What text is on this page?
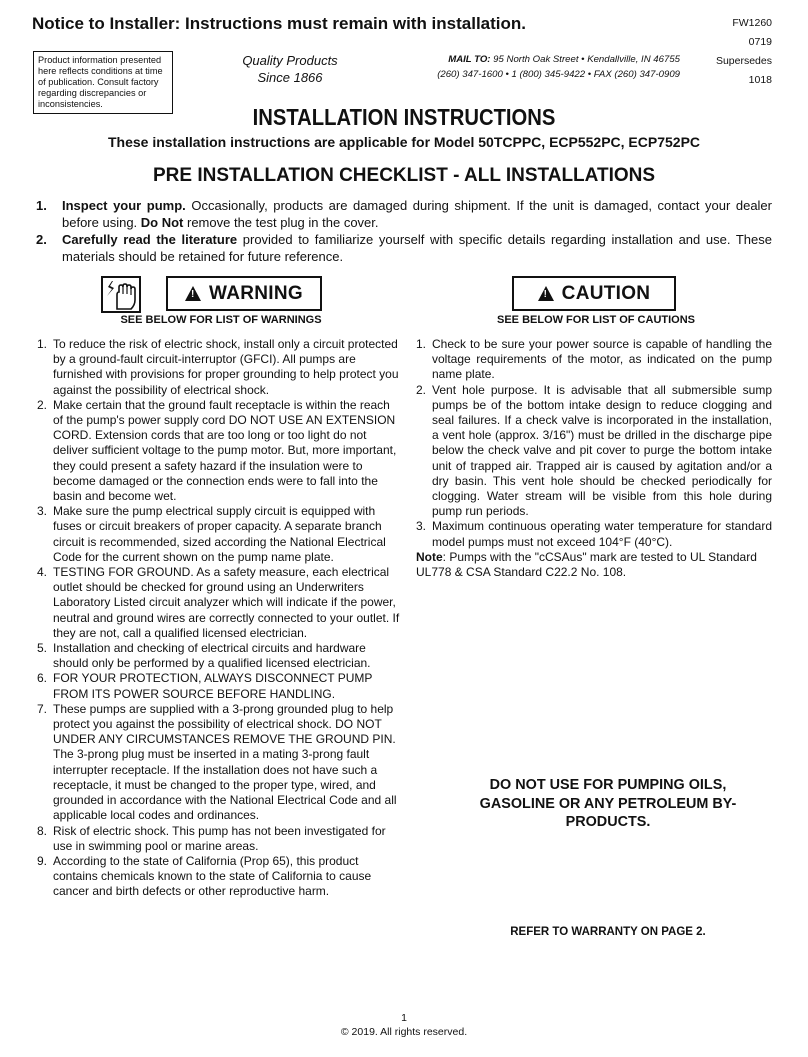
Notice to Installer: Instructions must remain with installation.	FW1260
0719
Supersedes
1018
Product information presented
here reflects conditions at time
of publication. Consult factory
regarding discrepancies or
inconsistencies.
Quality Products
Since 1866
MAIL TO: 95 North Oak Street • Kendallville, IN 46755
(260) 347-1600 • 1 (800) 345-9422 • FAX (260) 347-0909
INSTALLATION INSTRUCTIONS
These installation instructions are applicable for Model 50TCPPC, ECP552PC, ECP752PC
PRE INSTALLATION CHECKLIST - ALL INSTALLATIONS
1. Inspect your pump. Occasionally, products are damaged during shipment. If the unit is damaged, contact your dealer before using. Do Not remove the test plug in the cover.
2. Carefully read the literature provided to familiarize yourself with specific details regarding installation and use. These materials should be retained for future reference.
!
WARNING
!	CAUTION
SEE BELOW FOR LIST OF WARNINGS	SEE BELOW FOR LIST OF CAUTIONS
1. To reduce the risk of electric shock, install only a circuit protected by a ground-fault circuit-interruptor (GFCI). All pumps are furnished with provisions for proper grounding to help protect you against the possibility of electrical shock.
2. Make certain that the ground fault receptacle is within the reach of the pump's power supply cord DO NOT USE AN EXTENSION CORD. Extension cords that are too long or too light do not deliver sufficient voltage to the pump motor. But, more important, they could present a safety hazard if the insulation were to become damaged or the connection ends were to fall into the basin and become wet.
3. Make sure the pump electrical supply circuit is equipped with fuses or circuit breakers of proper capacity. A separate branch circuit is recommended, sized according the National Electrical Code for the current shown on the pump name plate.
4. TESTING FOR GROUND. As a safety measure, each electrical outlet should be checked for ground using an Underwriters Laboratory Listed circuit analyzer which will indicate if the power, neutral and ground wires are correctly connected to your outlet. If they are not, call a qualified licensed electrician.
5. Installation and checking of electrical circuits and hardware should only be performed by a qualified licensed electrician.
6. FOR YOUR PROTECTION, ALWAYS DISCONNECT PUMP FROM ITS POWER SOURCE BEFORE HANDLING.
7. These pumps are supplied with a 3-prong grounded plug to help protect you against the possibility of electrical shock. DO NOT UNDER ANY CIRCUMSTANCES REMOVE THE GROUND PIN. The 3-prong plug must be inserted in a mating 3-prong fault interrupter receptacle. If the installation does not have such a receptacle, it must be changed to the proper type, wired, and grounded in accordance with the National Electrical Code and all applicable local codes and ordinances.
8. Risk of electric shock. This pump has not been investigated for use in swimming pool or marine areas.
9. According to the state of California (Prop 65), this product contains chemicals known to the state of California to cause cancer and birth defects or other reproductive harm.
1. Check to be sure your power source is capable of handling the voltage requirements of the motor, as indicated on the pump name plate.
2. Vent hole purpose. It is advisable that all submersible sump pumps be of the bottom intake design to reduce clogging and seal failures. If a check valve is incorporated in the installation, a vent hole (approx. 3/16") must be drilled in the discharge pipe below the check valve and pit cover to purge the bottom intake unit of trapped air. Trapped air is caused by agitation and/or a dry basin. This vent hole should be checked periodically for clogging. Water stream will be visible from this hole during pump run periods.
3. Maximum continuous operating water temperature for standard model pumps must not exceed 104°F (40°C).
Note: Pumps with the "cCSAus" mark are tested to UL Standard UL778 & CSA Standard C22.2 No. 108.
DO NOT USE FOR PUMPING OILS, GASOLINE OR ANY PETROLEUM BY-PRODUCTS.
REFER TO WARRANTY ON PAGE 2.
1
© 2019. All rights reserved.
